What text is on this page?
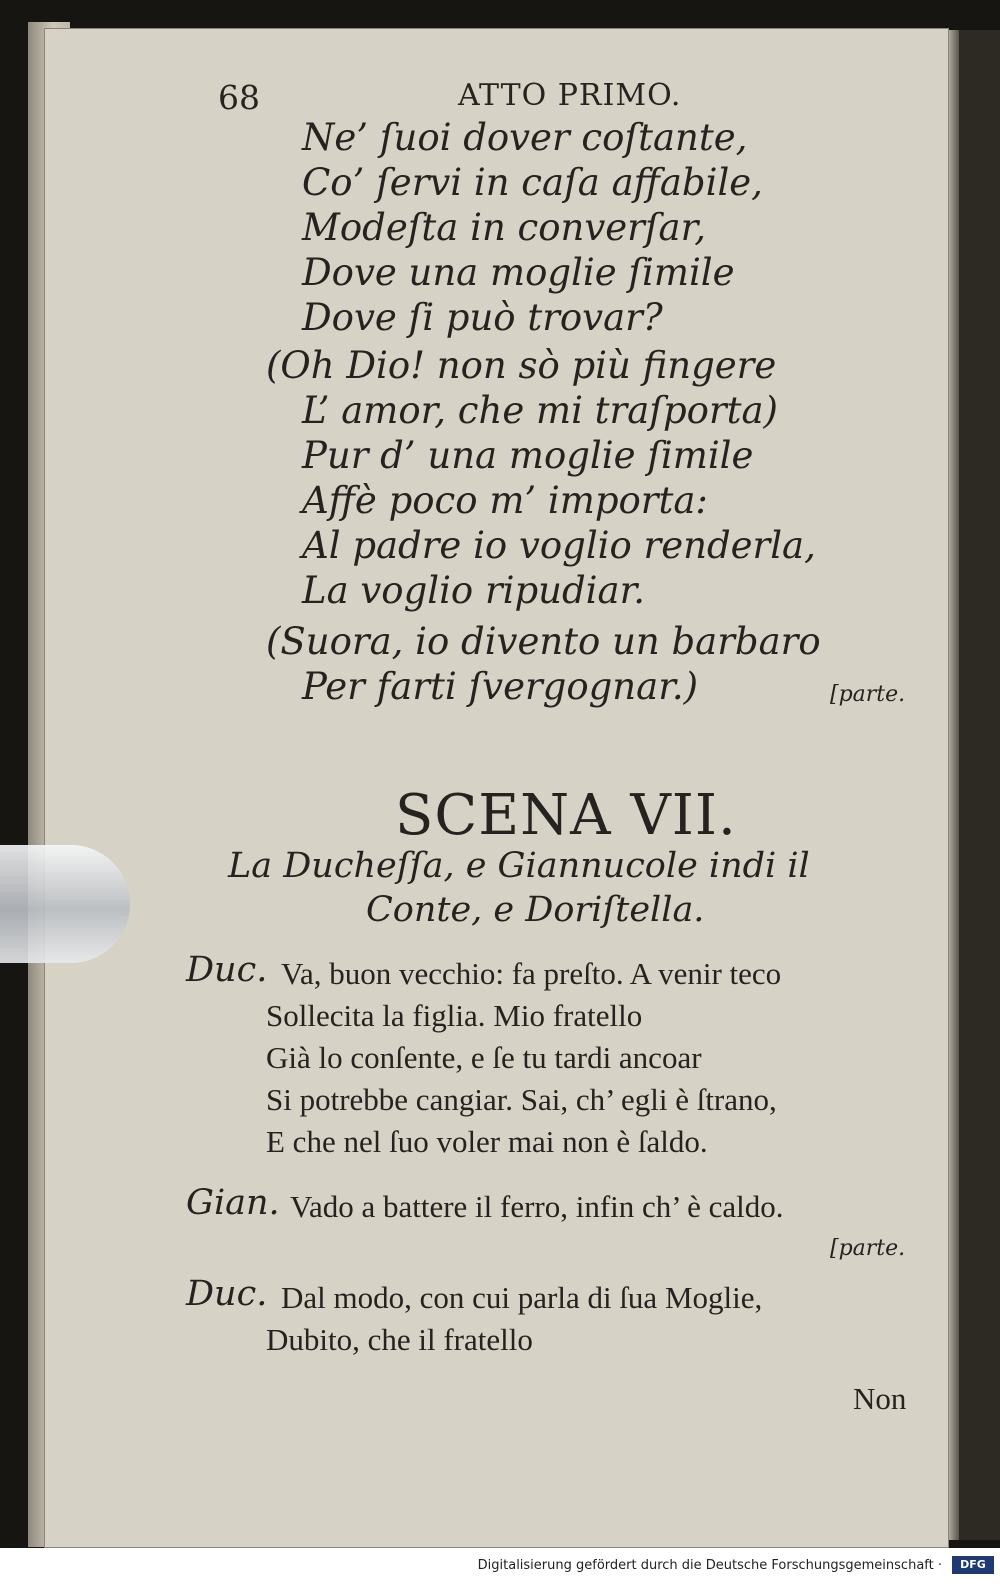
68	ATTO PRIMO.
Ne’ ſuoi dover coſtante,
Co’ ſervi in caſa affabile,
Modeſta in converſar,
Dove una moglie ſimile
Dove ſi può trovar?
(Oh Dio! non sò più fingere
L’ amor, che mi traſporta)
Pur d’ una moglie ſimile
Affè poco m’ importa:
Al padre io voglio renderla,
La voglio ripudiar.
(Suora, io divento un barbaro
Per farti ſvergognar.)	[parte.
SCENA VII.
La Ducheſſa, e Giannucole indi il
Conte, e Doriſtella.
Duc. Va, buon vecchio: fa preſto. A venir teco
Sollecita la figlia. Mio fratello
Già lo conſente, e ſe tu tardi ancoar
Si potrebbe cangiar. Sai, ch’ egli è ſtrano,
E che nel ſuo voler mai non è ſaldo.
Gian. Vado a battere il ferro, infin ch’ è caldo.
[parte.
Duc. Dal modo, con cui parla di ſua Moglie,
Dubito, che il fratello
Non
Digitalisierung gefördert durch die Deutsche Forschungsgemeinschaft ·	DFG
